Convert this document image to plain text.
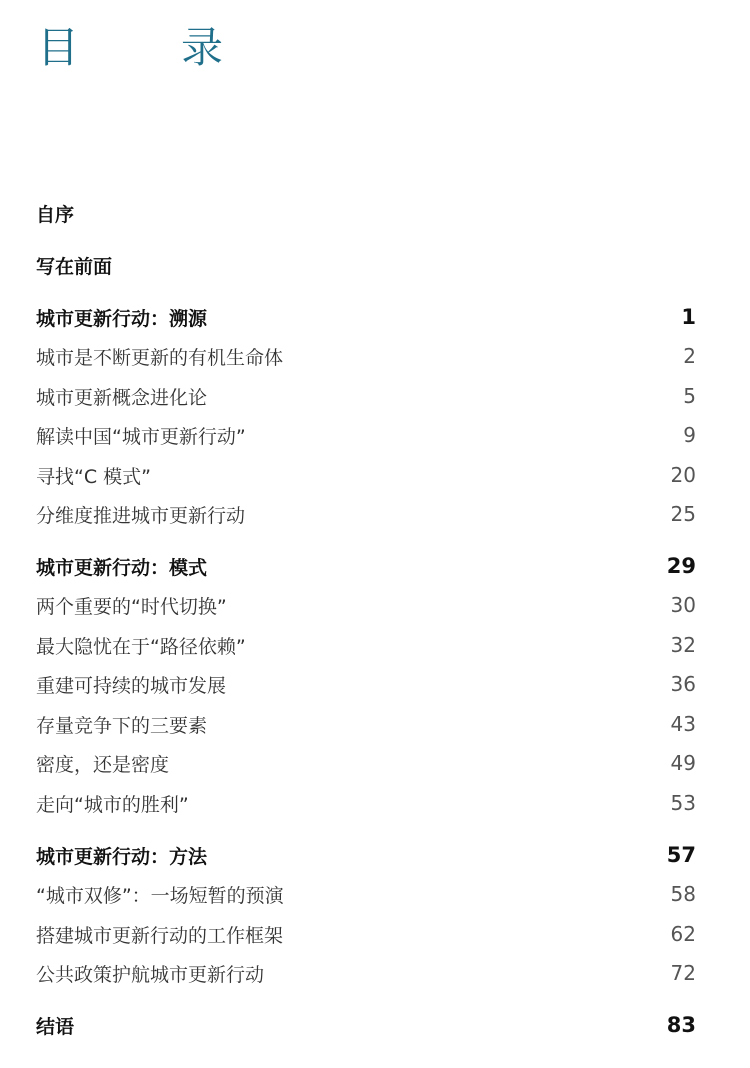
目　录
自序
写在前面
城市更新行动：溯源	1
城市是不断更新的有机生命体	2
城市更新概念进化论	5
解读中国“城市更新行动”	9
寻找“C 模式”	20
分维度推进城市更新行动	25
城市更新行动：模式	29
两个重要的“时代切换”	30
最大隐忧在于“路径依赖”	32
重建可持续的城市发展	36
存量竞争下的三要素	43
密度，还是密度	49
走向“城市的胜利”	53
城市更新行动：方法	57
“城市双修”：一场短暂的预演	58
搭建城市更新行动的工作框架	62
公共政策护航城市更新行动	72
结语	83
